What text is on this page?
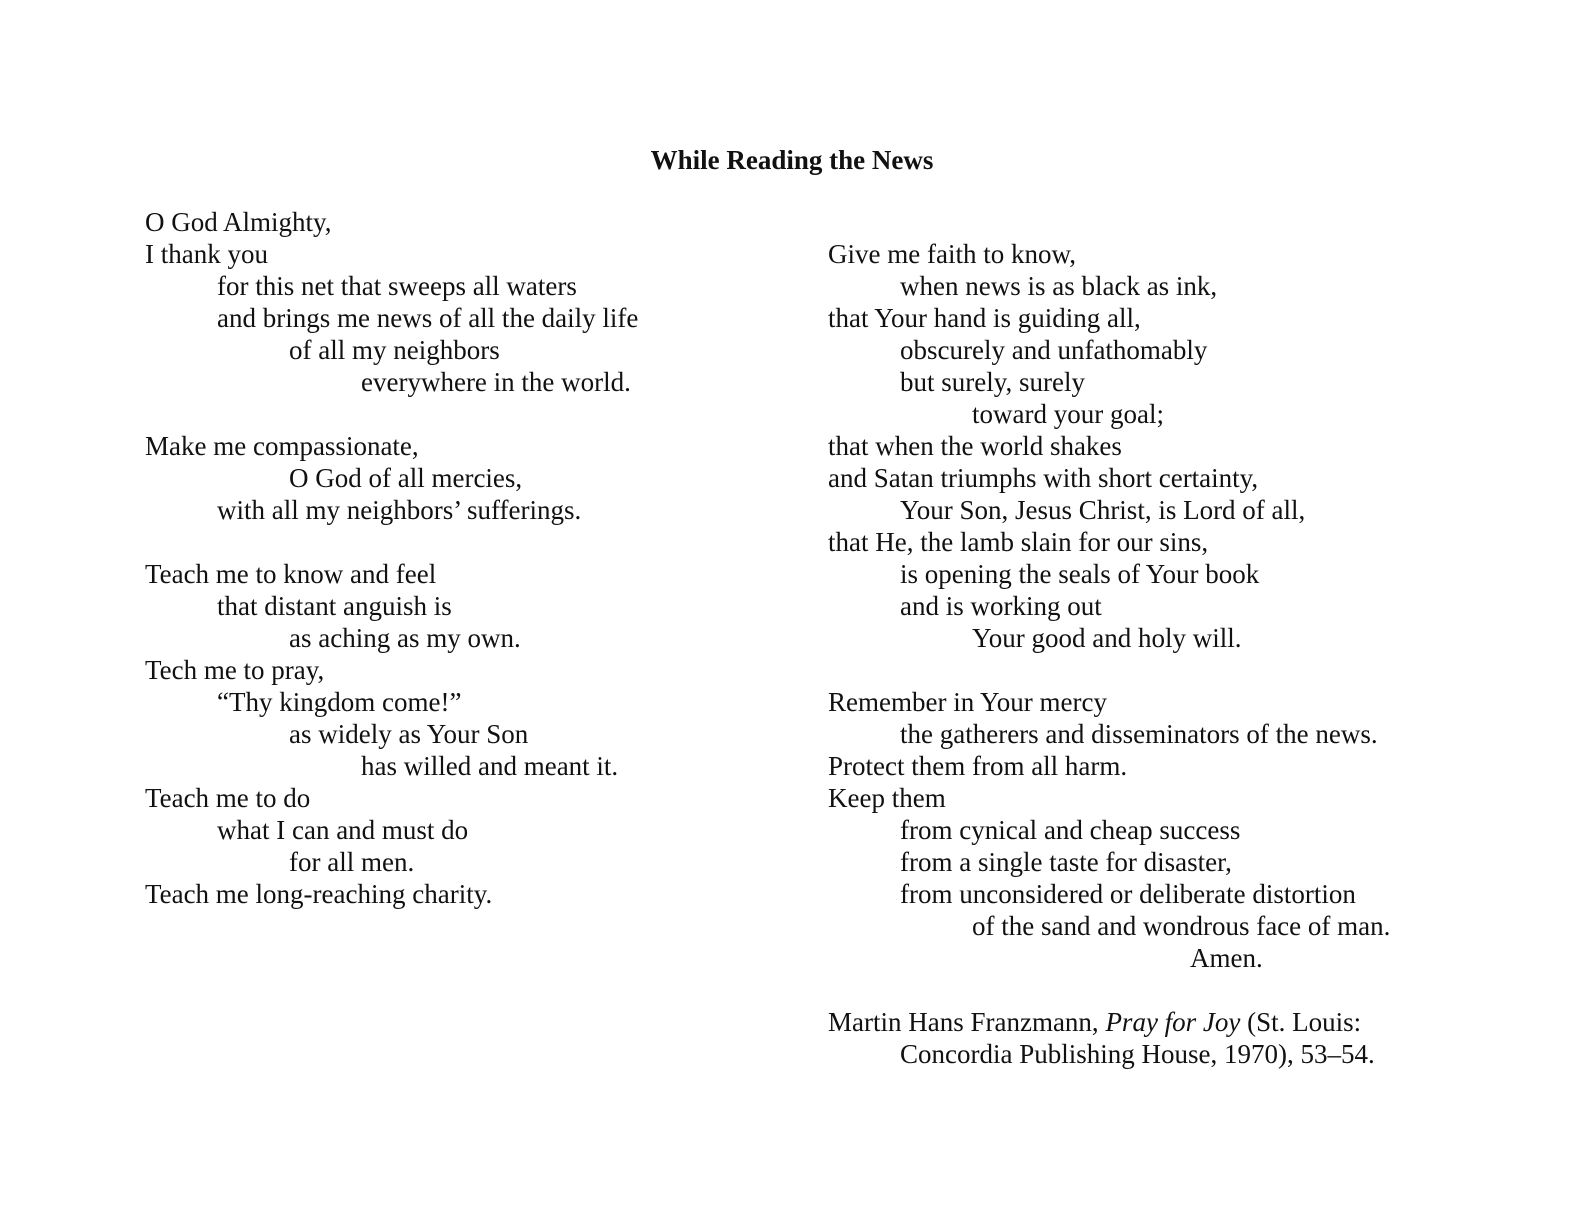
While Reading the News
O God Almighty,
I thank you
for this net that sweeps all waters
and brings me news of all the daily life
of all my neighbors
everywhere in the world.
Make me compassionate,
O God of all mercies,
with all my neighbors’ sufferings.
Teach me to know and feel
that distant anguish is
as aching as my own.
Tech me to pray,
“Thy kingdom come!”
as widely as Your Son
has willed and meant it.
Teach me to do
what I can and must do
for all men.
Teach me long-reaching charity.
Give me faith to know,
when news is as black as ink,
that Your hand is guiding all,
obscurely and unfathomably
but surely, surely
toward your goal;
that when the world shakes
and Satan triumphs with short certainty,
Your Son, Jesus Christ, is Lord of all,
that He, the lamb slain for our sins,
is opening the seals of Your book
and is working out
Your good and holy will.
Remember in Your mercy
the gatherers and disseminators of the news.
Protect them from all harm.
Keep them
from cynical and cheap success
from a single taste for disaster,
from unconsidered or deliberate distortion
of the sand and wondrous face of man.
Amen.
Martin Hans Franzmann, Pray for Joy (St. Louis:
Concordia Publishing House, 1970), 53–54.
